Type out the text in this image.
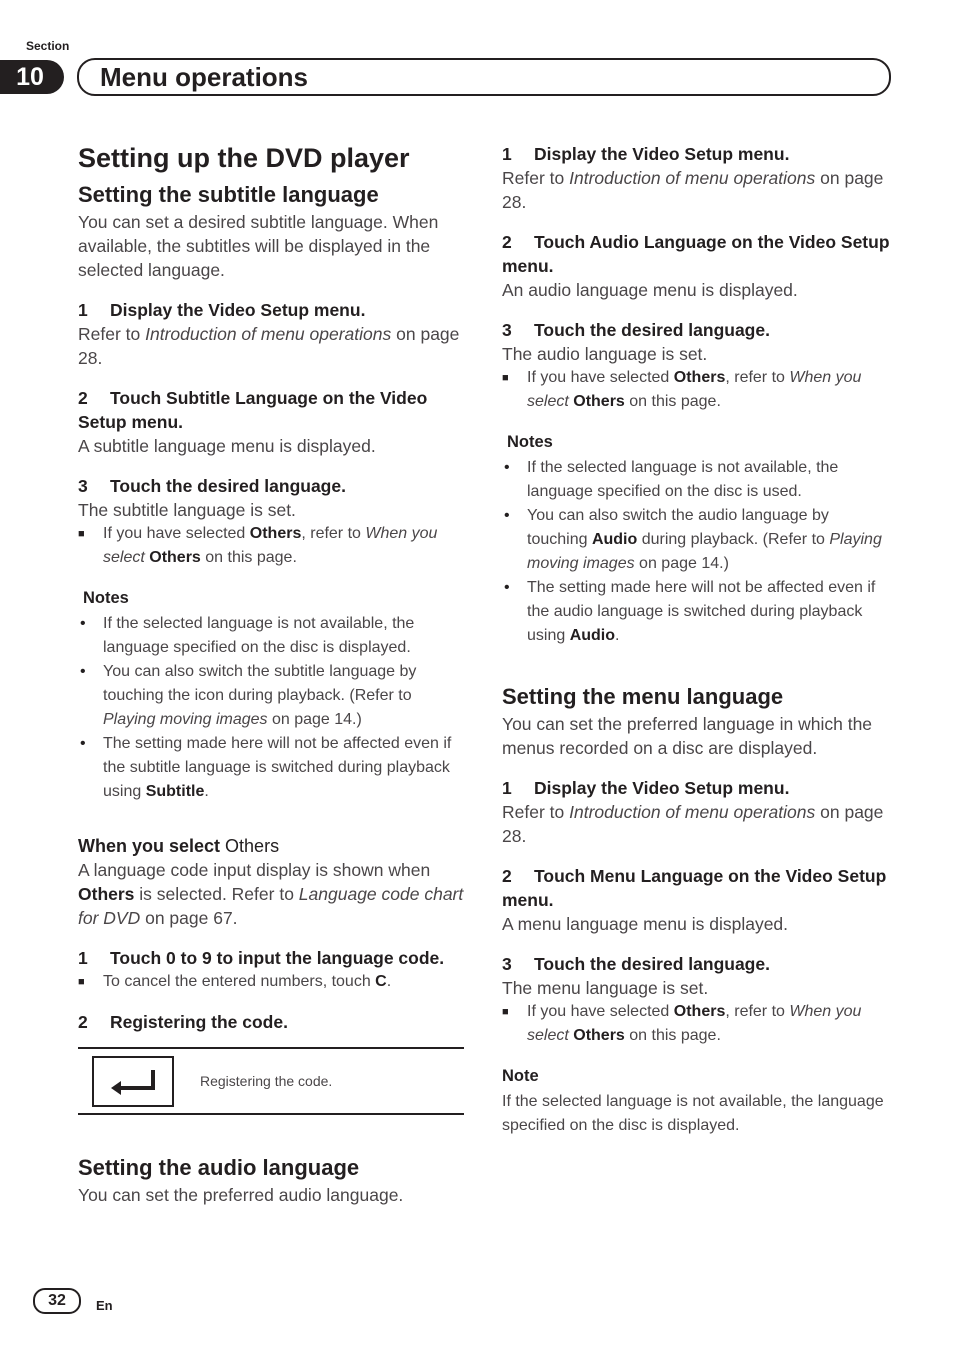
Section
10	Menu operations
Setting up the DVD player
Setting the subtitle language

You can set a desired subtitle language. When available, the subtitles will be displayed in the selected language.

1 Display the Video Setup menu.

Refer to Introduction of menu operations on page 28.

2 Touch Subtitle Language on the Video Setup menu.

A subtitle language menu is displayed.

3 Touch the desired language.

The subtitle language is set.

■	If you have selected Others, refer to When you select Others on this page.
Notes
•	If the selected language is not available, the language specified on the disc is displayed.
•	You can also switch the subtitle language by touching the icon during playback. (Refer to Playing moving images on page 14.)
•	The setting made here will not be affected even if the subtitle language is switched during playback using Subtitle.
When you select Others

A language code input display is shown when Others is selected. Refer to Language code chart for DVD on page 67.

1 Touch 0 to 9 to input the language code.
■	To cancel the entered numbers, touch C.
2 Registering the code.
Registering the code.
Setting the audio language

You can set the preferred audio language.

1 Display the Video Setup menu.

Refer to Introduction of menu operations on page 28.

2 Touch Audio Language on the Video Setup menu.

An audio language menu is displayed.

3 Touch the desired language.

The audio language is set.

■	If you have selected Others, refer to When you select Others on this page.
Notes
•	If the selected language is not available, the language specified on the disc is used.
•	You can also switch the audio language by touching Audio during playback. (Refer to Playing moving images on page 14.)
•	The setting made here will not be affected even if the audio language is switched during playback using Audio.
Setting the menu language

You can set the preferred language in which the menus recorded on a disc are displayed.

1 Display the Video Setup menu.

Refer to Introduction of menu operations on page 28.

2 Touch Menu Language on the Video Setup menu.

A menu language menu is displayed.

3 Touch the desired language.

The menu language is set.

■	If you have selected Others, refer to When you select Others on this page.
Note

If the selected language is not available, the language specified on the disc is displayed.

32	En
